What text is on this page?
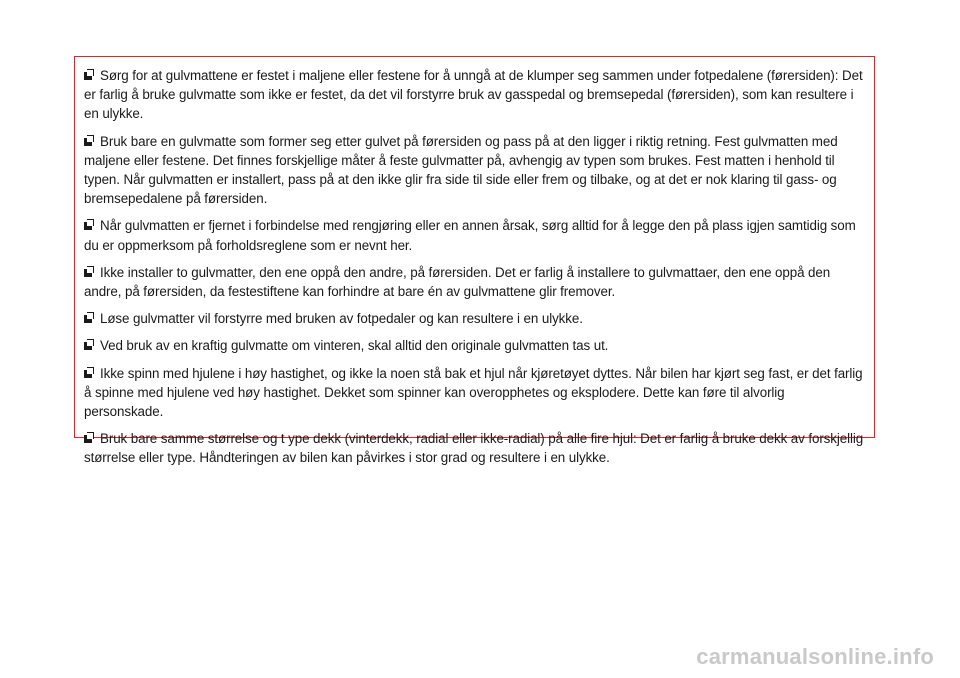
Sørg for at gulvmattene er festet i maljene eller festene for å unngå at de klumper seg sammen under fotpedalene (førersiden): Det er farlig å bruke gulvmatte som ikke er festet, da det vil forstyrre bruk av gasspedal og bremsepedal (førersiden), som kan resultere i en ulykke.

Bruk bare en gulvmatte som former seg etter gulvet på førersiden og pass på at den ligger i riktig retning. Fest gulvmatten med maljene eller festene. Det finnes forskjellige måter å feste gulvmatter på, avhengig av typen som brukes. Fest matten i henhold til typen. Når gulvmatten er installert, pass på at den ikke glir fra side til side eller frem og tilbake, og at det er nok klaring til gass- og bremsepedalene på førersiden.

Når gulvmatten er fjernet i forbindelse med rengjøring eller en annen årsak, sørg alltid for å legge den på plass igjen samtidig som du er oppmerksom på forholdsreglene som er nevnt her.

Ikke installer to gulvmatter, den ene oppå den andre, på førersiden. Det er farlig å installere to gulvmattaer, den ene oppå den andre, på førersiden, da festestiftene kan forhindre at bare én av gulvmattene glir fremover.

Løse gulvmatter vil forstyrre med bruken av fotpedaler og kan resultere i en ulykke.

Ved bruk av en kraftig gulvmatte om vinteren, skal alltid den originale gulvmatten tas ut.

Ikke spinn med hjulene i høy hastighet, og ikke la noen stå bak et hjul når kjøretøyet dyttes. Når bilen har kjørt seg fast, er det farlig å spinne med hjulene ved høy hastighet. Dekket som spinner kan overopphetes og eksplodere. Dette kan føre til alvorlig personskade.

Bruk bare samme størrelse og t ype dekk (vinterdekk, radial eller ikke-radial) på alle fire hjul: Det er farlig å bruke dekk av forskjellig størrelse eller type. Håndteringen av bilen kan påvirkes i stor grad og resultere i en ulykke.

carmanualsonline.info
